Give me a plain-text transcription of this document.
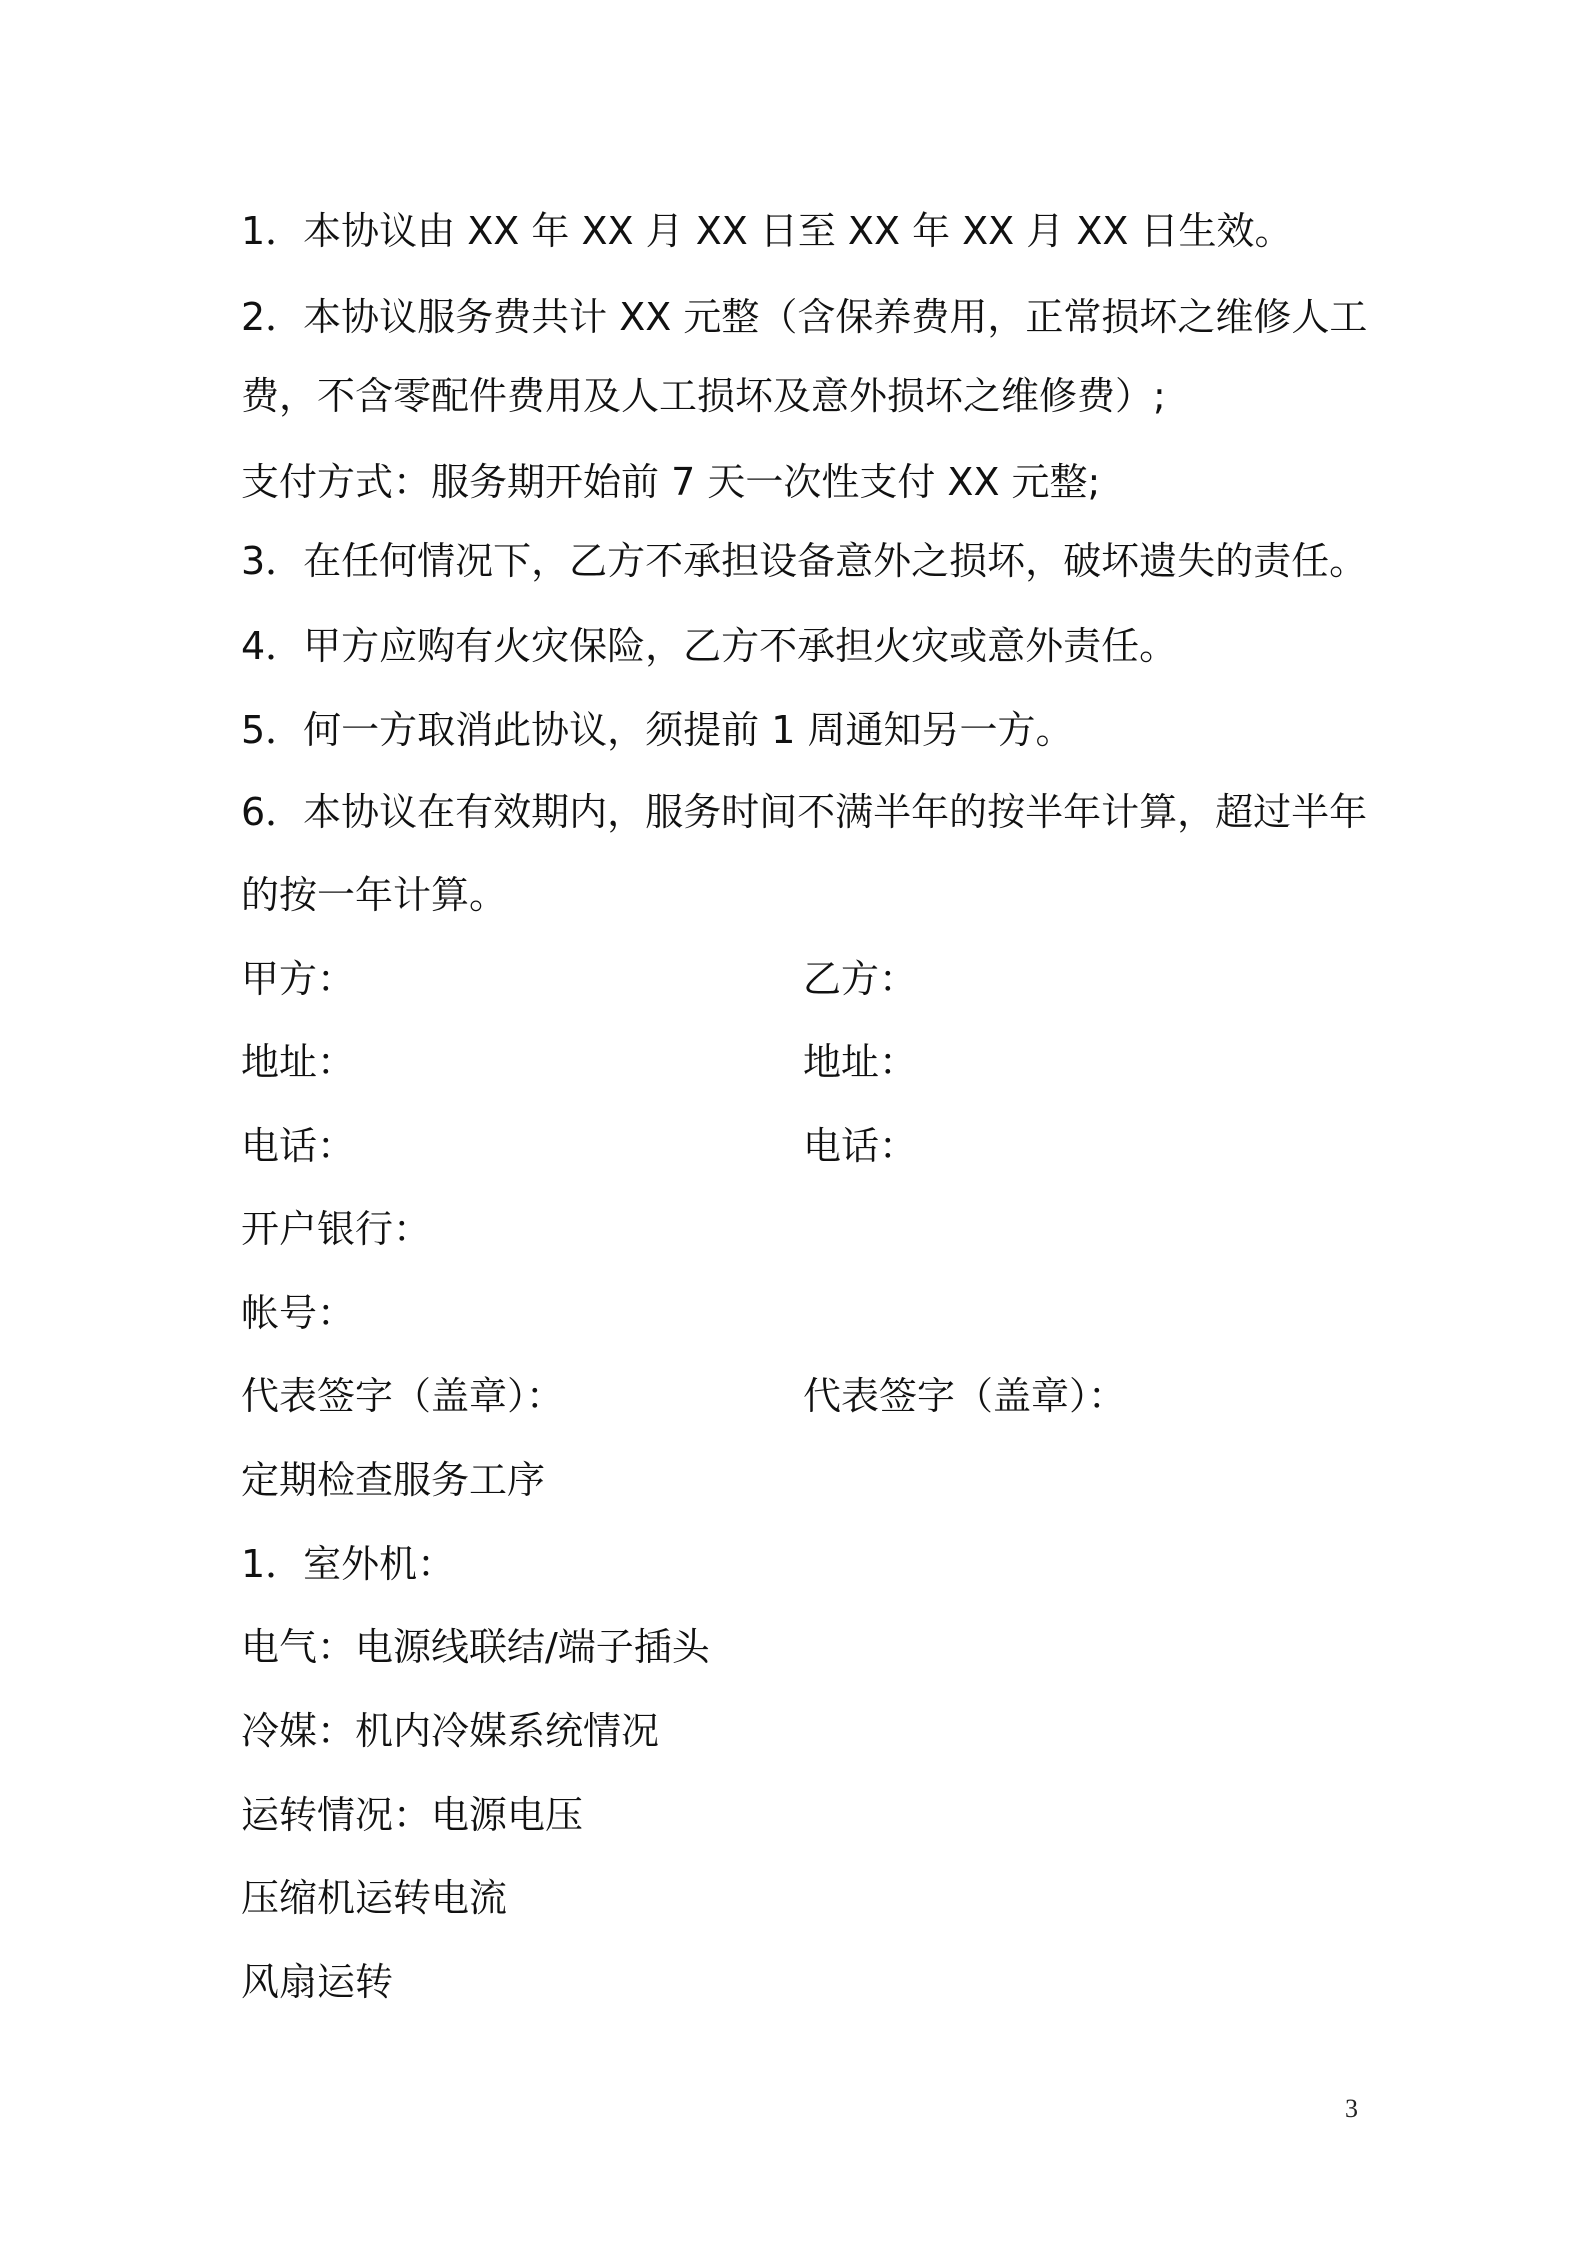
1．本协议由 XX 年 XX 月 XX 日至 XX 年 XX 月 XX 日生效。
2．本协议服务费共计 XX 元整（含保养费用，正常损坏之维修人工
费，不含零配件费用及人工损坏及意外损坏之维修费）;
支付方式：服务期开始前 7 天一次性支付 XX 元整;
3．在任何情况下，乙方不承担设备意外之损坏，破坏遗失的责任。
4．甲方应购有火灾保险，乙方不承担火灾或意外责任。
5．何一方取消此协议，须提前 1 周通知另一方。
6．本协议在有效期内，服务时间不满半年的按半年计算，超过半年
的按一年计算。
甲方：	乙方：
地址：	地址：
电话：	电话：
开户银行：
帐号：
代表签字（盖章）：	代表签字（盖章）：
定期检查服务工序
1．室外机：
电气：电源线联结/端子插头
冷媒：机内冷媒系统情况
运转情况：电源电压
压缩机运转电流
风扇运转
3
